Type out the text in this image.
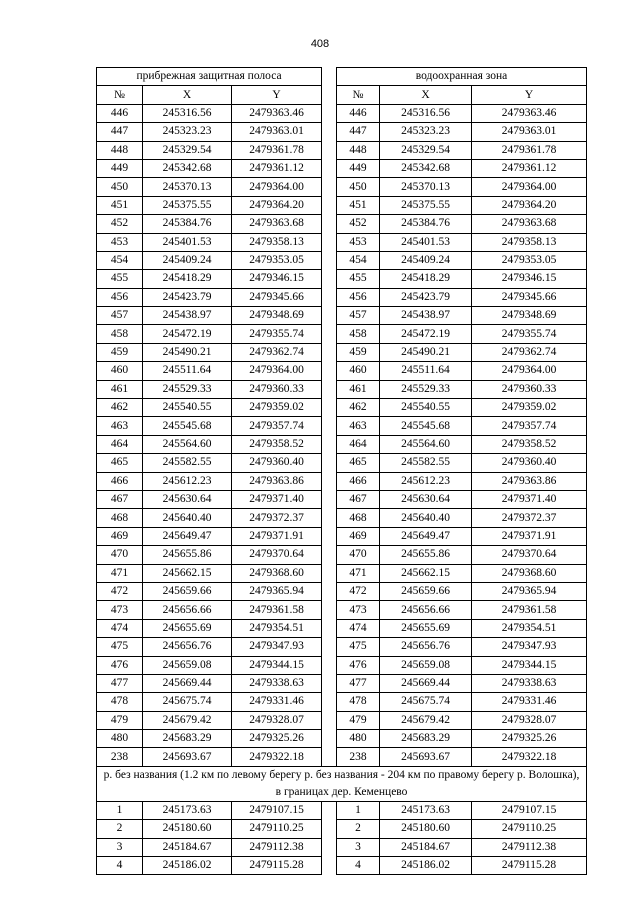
408
прибрежная защитная полоса				водоохранная зона		
№	X	Y		№	X	Y
446	245316.56	2479363.46		446	245316.56	2479363.46
447	245323.23	2479363.01		447	245323.23	2479363.01
448	245329.54	2479361.78		448	245329.54	2479361.78
449	245342.68	2479361.12		449	245342.68	2479361.12
450	245370.13	2479364.00		450	245370.13	2479364.00
451	245375.55	2479364.20		451	245375.55	2479364.20
452	245384.76	2479363.68		452	245384.76	2479363.68
453	245401.53	2479358.13		453	245401.53	2479358.13
454	245409.24	2479353.05		454	245409.24	2479353.05
455	245418.29	2479346.15		455	245418.29	2479346.15
456	245423.79	2479345.66		456	245423.79	2479345.66
457	245438.97	2479348.69		457	245438.97	2479348.69
458	245472.19	2479355.74		458	245472.19	2479355.74
459	245490.21	2479362.74		459	245490.21	2479362.74
460	245511.64	2479364.00		460	245511.64	2479364.00
461	245529.33	2479360.33		461	245529.33	2479360.33
462	245540.55	2479359.02		462	245540.55	2479359.02
463	245545.68	2479357.74		463	245545.68	2479357.74
464	245564.60	2479358.52		464	245564.60	2479358.52
465	245582.55	2479360.40		465	245582.55	2479360.40
466	245612.23	2479363.86		466	245612.23	2479363.86
467	245630.64	2479371.40		467	245630.64	2479371.40
468	245640.40	2479372.37		468	245640.40	2479372.37
469	245649.47	2479371.91		469	245649.47	2479371.91
470	245655.86	2479370.64		470	245655.86	2479370.64
471	245662.15	2479368.60		471	245662.15	2479368.60
472	245659.66	2479365.94		472	245659.66	2479365.94
473	245656.66	2479361.58		473	245656.66	2479361.58
474	245655.69	2479354.51		474	245655.69	2479354.51
475	245656.76	2479347.93		475	245656.76	2479347.93
476	245659.08	2479344.15		476	245659.08	2479344.15
477	245669.44	2479338.63		477	245669.44	2479338.63
478	245675.74	2479331.46		478	245675.74	2479331.46
479	245679.42	2479328.07		479	245679.42	2479328.07
480	245683.29	2479325.26		480	245683.29	2479325.26
238	245693.67	2479322.18		238	245693.67	2479322.18
р. без названия (1.2 км по левому берегу р. без названия - 204 км по правому берегу р. Волошка), в границах дер. Кеменцево						
1	245173.63	2479107.15		1	245173.63	2479107.15
2	245180.60	2479110.25		2	245180.60	2479110.25
3	245184.67	2479112.38		3	245184.67	2479112.38
4	245186.02	2479115.28		4	245186.02	2479115.28
